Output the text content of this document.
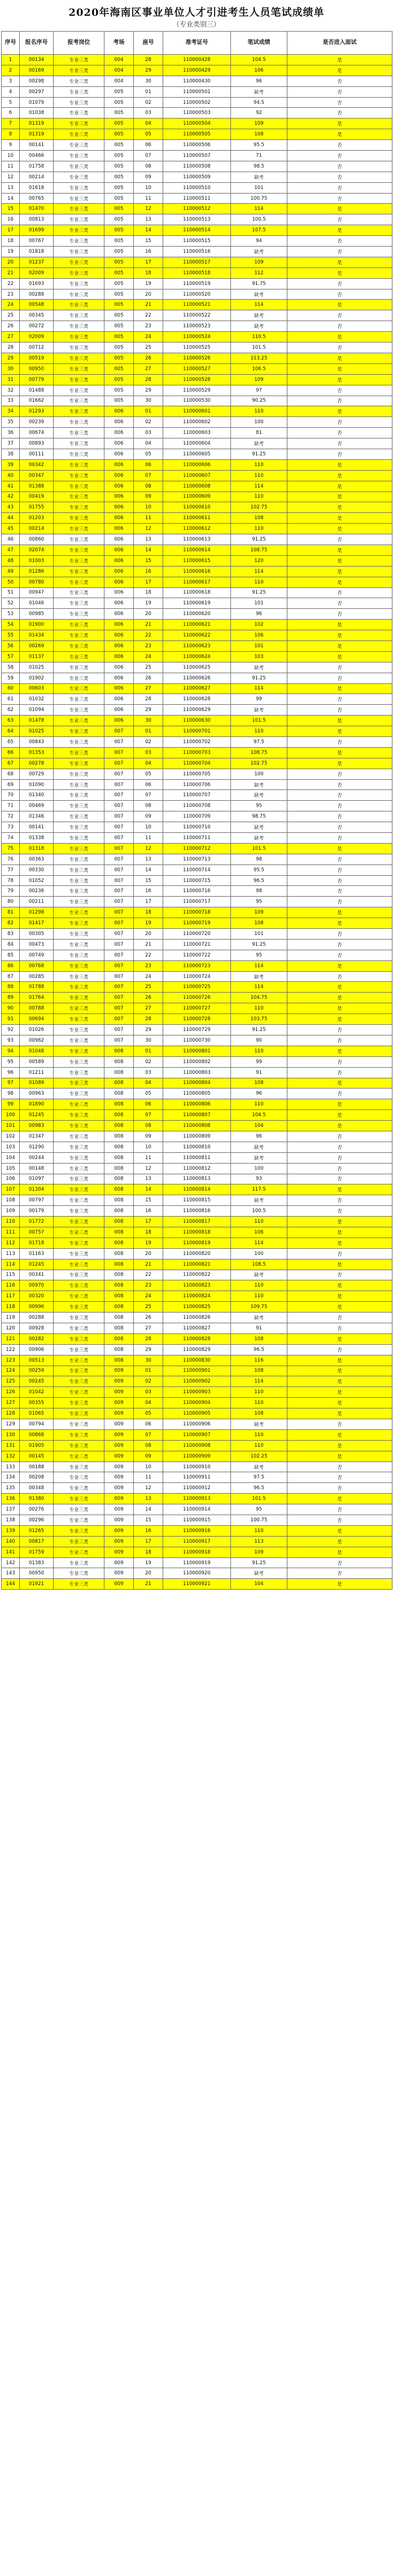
2020年海南区事业单位人才引进考生人员笔试成绩单
（专业类别三）
序号	报名序号	报考岗位	考场	座号	准考证号	笔试成绩	是否进入面试
1	00134	专业三类	004	28	110000428	104.5	是
2	00169	专业三类	004	29	110000429	106	是
3	00298	专业三类	004	30	110000430	96	否
4	00297	专业三类	005	01	110000501	缺考	否
5	01079	专业三类	005	02	110000502	94.5	否
6	01038	专业三类	005	03	110000503	92	否
7	01319	专业三类	005	04	110000504	109	是
8	01319	专业三类	005	05	110000505	108	是
9	00141	专业三类	005	06	110000506	95.5	否
10	00466	专业三类	005	07	110000507	71	否
11	01758	专业三类	005	08	110000508	98.5	否
12	00214	专业三类	005	09	110000509	缺考	否
13	01618	专业三类	005	10	110000510	101	否
14	00765	专业三类	005	11	110000511	100.75	否
15	01470	专业三类	005	12	110000512	114	是
16	00813	专业三类	005	13	110000513	100.5	否
17	01699	专业三类	005	14	110000514	107.5	是
18	00767	专业三类	005	15	110000515	94	否
19	01818	专业三类	005	16	110000516	缺考	否
20	01237	专业三类	005	17	110000517	109	是
21	02009	专业三类	005	18	110000518	112	是
22	01693	专业三类	005	19	110000519	91.75	否
23	00288	专业三类	005	20	110000520	缺考	否
24	00548	专业三类	005	21	110000521	114	是
25	00345	专业三类	005	22	110000522	缺考	否
26	00272	专业三类	005	23	110000523	缺考	否
27	02009	专业三类	005	24	110000524	110.5	是
28	00712	专业三类	005	25	110000525	101.5	否
29	00519	专业三类	005	26	110000526	113.25	是
30	00950	专业三类	005	27	110000527	106.5	是
31	00779	专业三类	005	28	110000528	109	是
32	01488	专业三类	005	29	110000529	97	否
33	01662	专业三类	005	30	110000530	90.25	否
34	01293	专业三类	006	01	110000601	110	是
35	00239	专业三类	006	02	110000602	100	否
36	00674	专业三类	006	03	110000603	81	否
37	00893	专业三类	006	04	110000604	缺考	否
38	00111	专业三类	006	05	110000605	91.25	否
39	00342	专业三类	006	06	110000606	110	是
40	00347	专业三类	006	07	110000607	110	是
41	01388	专业三类	006	08	110000608	114	是
42	00419	专业三类	006	09	110000609	110	是
43	01755	专业三类	006	10	110000610	102.75	是
44	01203	专业三类	006	11	110000611	108	是
45	00214	专业三类	006	12	110000612	110	是
46	00860	专业三类	006	13	110000613	91.25	否
47	02074	专业三类	006	14	110000614	108.75	是
48	01003	专业三类	006	15	110000615	120	是
49	01286	专业三类	006	16	110000616	114	是
50	00780	专业三类	006	17	110000617	110	是
51	00947	专业三类	006	18	110000618	91.25	否
52	01046	专业三类	006	19	110000619	101	否
53	00985	专业三类	006	20	110000620	96	否
54	01900	专业三类	006	21	110000621	102	是
55	01434	专业三类	006	22	110000622	106	是
56	00269	专业三类	006	23	110000623	101	是
57	01137	专业三类	006	24	110000624	103	是
58	01025	专业三类	006	25	110000625	缺考	否
59	01902	专业三类	006	26	110000626	91.25	否
60	00603	专业三类	006	27	110000627	114	是
61	01032	专业三类	006	28	110000628	99	否
62	01094	专业三类	006	29	110000629	缺考	否
63	01478	专业三类	006	30	110000630	101.5	是
64	01025	专业三类	007	01	110000701	110	是
65	00843	专业三类	007	02	110000702	97.5	否
66	01353	专业三类	007	03	110000703	108.75	是
67	00278	专业三类	007	04	110000704	102.75	是
68	00729	专业三类	007	05	110000705	100	否
69	01090	专业三类	007	06	110000706	缺考	否
70	01340	专业三类	007	07	110000707	缺考	否
71	00469	专业三类	007	08	110000708	95	否
72	01346	专业三类	007	09	110000709	98.75	否
73	00141	专业三类	007	10	110000710	缺考	否
74	01338	专业三类	007	11	110000711	缺考	否
75	01318	专业三类	007	12	110000712	101.5	是
76	00363	专业三类	007	13	110000713	98	否
77	00330	专业三类	007	14	110000714	95.5	否
78	01052	专业三类	007	15	110000715	96.5	否
79	00236	专业三类	007	16	110000716	98	否
80	00211	专业三类	007	17	110000717	95	否
81	01298	专业三类	007	18	110000718	109	是
82	01417	专业三类	007	19	110000719	108	是
83	00305	专业三类	007	20	110000720	101	否
84	00473	专业三类	007	21	110000721	91.25	否
85	00749	专业三类	007	22	110000722	95	否
86	00768	专业三类	007	23	110000723	114	是
87	00285	专业三类	007	24	110000724	缺考	否
88	01788	专业三类	007	25	110000725	114	是
89	01764	专业三类	007	26	110000726	104.75	是
90	00788	专业三类	007	27	110000727	110	是
91	00694	专业三类	007	28	110000728	103.75	是
92	01026	专业三类	007	29	110000729	91.25	否
93	00962	专业三类	007	30	110000730	90	否
94	01048	专业三类	008	01	110000801	110	是
95	00589	专业三类	008	02	110000802	99	否
96	01211	专业三类	008	03	110000803	91	否
97	01089	专业三类	008	04	110000804	108	是
98	00963	专业三类	008	05	110000805	96	否
99	01890	专业三类	008	06	110000806	110	是
100	01245	专业三类	008	07	110000807	104.5	是
101	00983	专业三类	008	08	110000808	104	是
102	01347	专业三类	008	09	110000809	96	否
103	01290	专业三类	008	10	110000810	缺考	否
104	00244	专业三类	008	11	110000811	缺考	否
105	00148	专业三类	008	12	110000812	100	否
106	01097	专业三类	008	13	110000813	93	否
107	01304	专业三类	008	14	110000814	117.5	是
108	00797	专业三类	008	15	110000815	缺考	否
109	00179	专业三类	008	16	110000816	100.5	否
110	01772	专业三类	008	17	110000817	110	是
111	00757	专业三类	008	18	110000818	106	是
112	01718	专业三类	008	19	110000819	114	是
113	01163	专业三类	008	20	110000820	100	否
114	01245	专业三类	008	21	110000821	108.5	是
115	00341	专业三类	008	22	110000822	缺考	否
116	00970	专业三类	008	23	110000823	110	是
117	00320	专业三类	008	24	110000824	110	是
118	00996	专业三类	008	25	110000825	109.75	是
119	00288	专业三类	008	26	110000826	缺考	否
120	00928	专业三类	008	27	110000827	91	否
121	00282	专业三类	008	28	110000828	108	是
122	00906	专业三类	008	29	110000829	96.5	否
123	00513	专业三类	008	30	110000830	116	是
124	00259	专业三类	009	01	110000901	108	是
125	00245	专业三类	009	02	110000902	114	是
126	01042	专业三类	009	03	110000903	110	是
127	00355	专业三类	009	04	110000904	110	是
128	01065	专业三类	009	05	110000905	108	是
129	00794	专业三类	009	06	110000906	缺考	否
130	00868	专业三类	009	07	110000907	110	是
131	01905	专业三类	009	08	110000908	110	是
132	00145	专业三类	009	09	110000909	102.25	是
133	00188	专业三类	009	10	110000910	缺考	否
134	00208	专业三类	009	11	110000911	97.5	否
135	00348	专业三类	009	12	110000912	96.5	否
136	01380	专业三类	009	13	110000913	101.5	是
137	00276	专业三类	009	14	110000914	95	否
138	00296	专业三类	009	15	110000915	100.75	否
139	01265	专业三类	009	16	110000916	110	是
140	00817	专业三类	009	17	110000917	113	是
141	01759	专业三类	009	18	110000918	109	是
142	01383	专业三类	009	19	110000919	91.25	否
143	00950	专业三类	009	20	110000920	缺考	否
144	01921	专业三类	009	21	110000921	104	是
